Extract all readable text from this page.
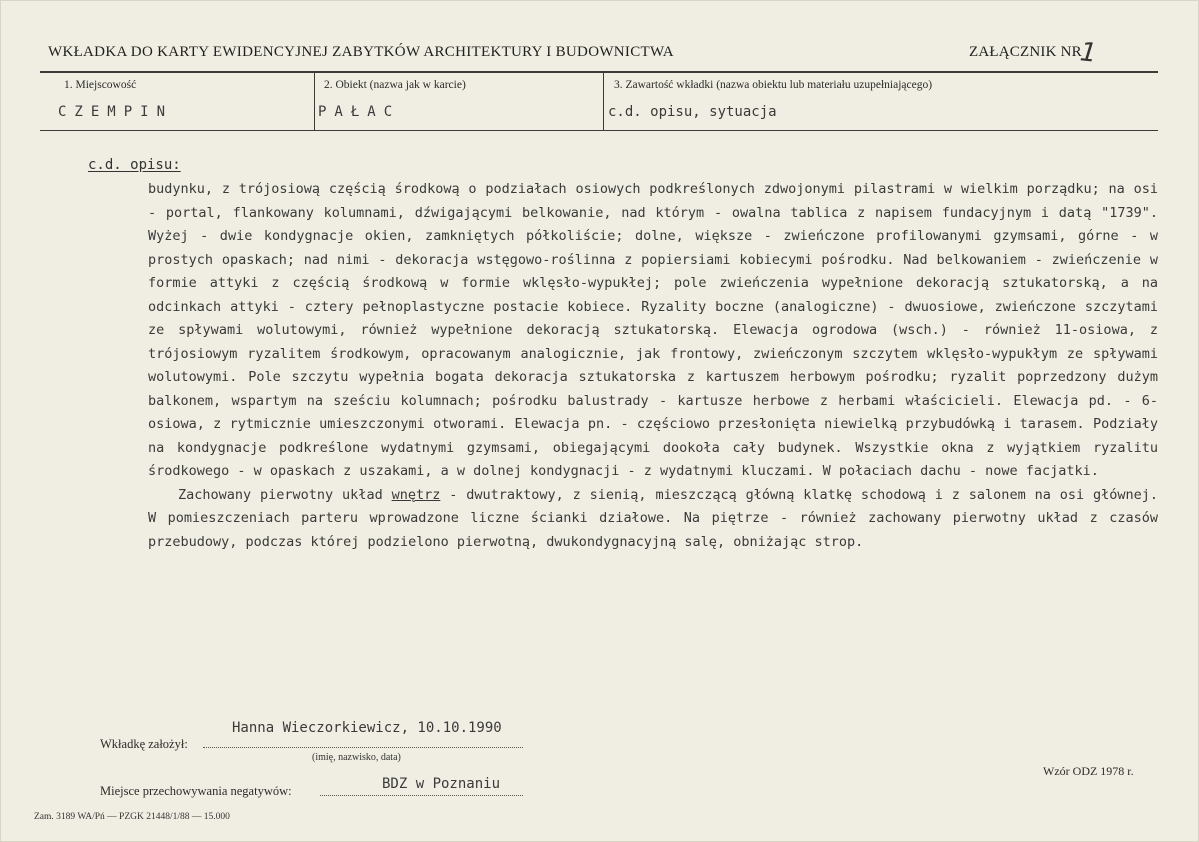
WKŁADKA DO KARTY EWIDENCYJNEJ ZABYTKÓW ARCHITEKTURY I BUDOWNICTWA	ZAŁĄCZNIK NR
1
1. Miejscowość
CZEMPIN
2. Obiekt (nazwa jak w karcie)
PAŁAC
3. Zawartość wkładki (nazwa obiektu lub materiału uzupełniającego)
c.d. opisu, sytuacja
c.d. opisu:

budynku, z trójosiową częścią środkową o podziałach osiowych podkreślonych zdwojonymi pilastrami w wielkim porządku; na osi - portal, flankowany kolumnami, dźwigającymi belkowanie, nad którym - owalna tablica z napisem fundacyjnym i datą "1739". Wyżej - dwie kondygnacje okien, zamkniętych półkoliście; dolne, większe - zwieńczone profilowanymi gzymsami, górne - w prostych opaskach; nad nimi - dekoracja wstęgowo-roślinna z popiersiami kobiecymi pośrodku. Nad belkowaniem - zwieńczenie w formie attyki z częścią środkową w formie wklęsło-wypukłej; pole zwieńczenia wypełnione dekoracją sztukatorską, a na odcinkach attyki - cztery pełnoplastyczne postacie kobiece. Ryzality boczne (analogiczne) - dwuosiowe, zwieńczone szczytami ze spływami wolutowymi, również wypełnione dekoracją sztukatorską. Elewacja ogrodowa (wsch.) - również 11-osiowa, z trójosiowym ryzalitem środkowym, opracowanym analogicznie, jak frontowy, zwieńczonym szczytem wklęsło-wypukłym ze spływami wolutowymi. Pole szczytu wypełnia bogata dekoracja sztukatorska z kartuszem herbowym pośrodku; ryzalit poprzedzony dużym balkonem, wspartym na sześciu kolumnach; pośrodku balustrady - kartusze herbowe z herbami właścicieli. Elewacja pd. - 6-osiowa, z rytmicznie umieszczonymi otworami. Elewacja pn. - częściowo przesłonięta niewielką przybudówką i tarasem. Podziały na kondygnacje podkreślone wydatnymi gzymsami, obiegającymi dookoła cały budynek. Wszystkie okna z wyjątkiem ryzalitu środkowego - w opaskach z uszakami, a w dolnej kondygnacji - z wydatnymi kluczami. W połaciach dachu - nowe facjatki.

Zachowany pierwotny układ wnętrz - dwutraktowy, z sienią, mieszczącą główną klatkę schodową i z salonem na osi głównej. W pomieszczeniach parteru wprowadzone liczne ścianki działowe. Na piętrze - również zachowany pierwotny układ z czasów przebudowy, podczas której podzielono pierwotną, dwukondygnacyjną salę, obniżając strop.

Wkładkę założył:
Hanna Wieczorkiewicz, 10.10.1990
(imię, nazwisko, data)
Wzór ODZ 1978 r.
Miejsce przechowywania negatywów:	BDZ w Poznaniu
Zam. 3189 WA/Pń — PZGK 21448/1/88 — 15.000
